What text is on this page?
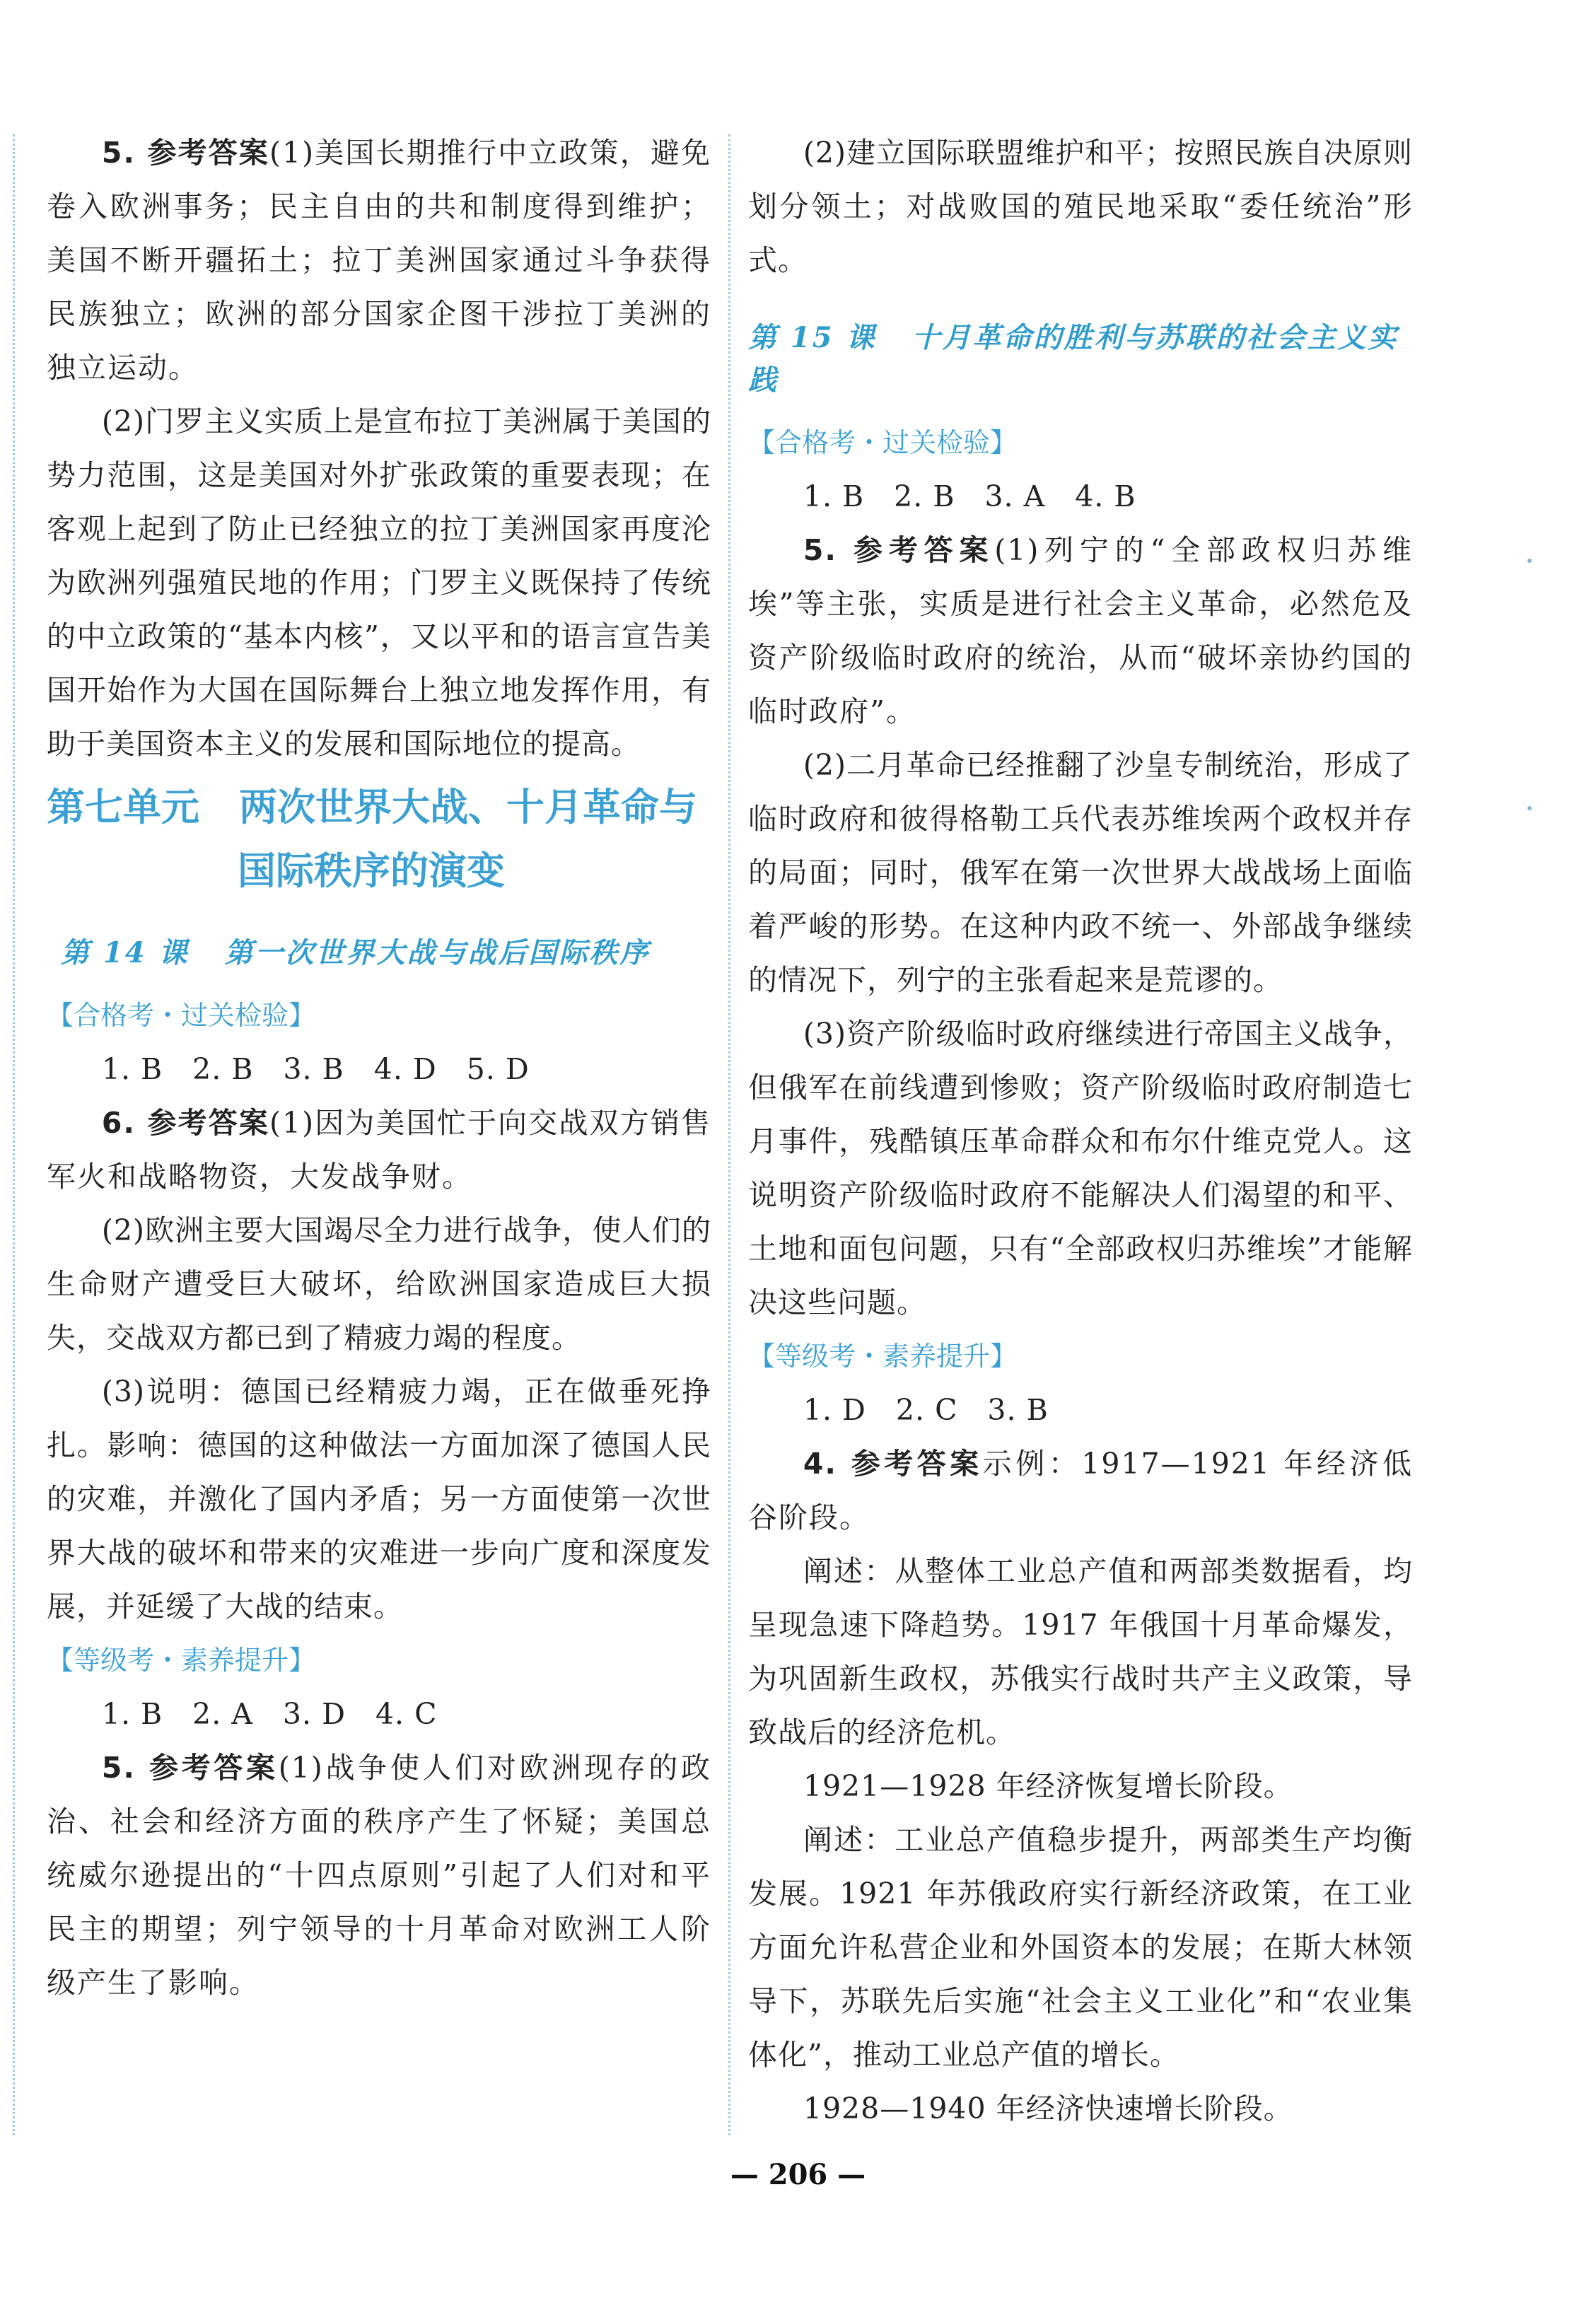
5. 参考答案(1)美国长期推行中立政策，避免卷入欧洲事务；民主自由的共和制度得到维护；美国不断开疆拓土；拉丁美洲国家通过斗争获得民族独立；欧洲的部分国家企图干涉拉丁美洲的独立运动。

(2)门罗主义实质上是宣布拉丁美洲属于美国的势力范围，这是美国对外扩张政策的重要表现；在客观上起到了防止已经独立的拉丁美洲国家再度沦为欧洲列强殖民地的作用；门罗主义既保持了传统的中立政策的“基本内核”，又以平和的语言宣告美国开始作为大国在国际舞台上独立地发挥作用，有助于美国资本主义的发展和国际地位的提高。

第七单元 两次世界大战、十月革命与
国际秩序的演变
第 14 课 第一次世界大战与战后国际秩序

【合格考・过关检验】

1. B　2. B　3. B　4. D　5. D

6. 参考答案(1)因为美国忙于向交战双方销售军火和战略物资，大发战争财。

(2)欧洲主要大国竭尽全力进行战争，使人们的生命财产遭受巨大破坏，给欧洲国家造成巨大损失，交战双方都已到了精疲力竭的程度。

(3)说明：德国已经精疲力竭，正在做垂死挣扎。影响：德国的这种做法一方面加深了德国人民的灾难，并激化了国内矛盾；另一方面使第一次世界大战的破坏和带来的灾难进一步向广度和深度发展，并延缓了大战的结束。

【等级考・素养提升】

1. B　2. A　3. D　4. C

5. 参考答案(1)战争使人们对欧洲现存的政治、社会和经济方面的秩序产生了怀疑；美国总统威尔逊提出的“十四点原则”引起了人们对和平民主的期望；列宁领导的十月革命对欧洲工人阶级产生了影响。

(2)建立国际联盟维护和平；按照民族自决原则划分领土；对战败国的殖民地采取“委任统治”形式。

第 15 课 十月革命的胜利与苏联的社会主义实践

【合格考・过关检验】

1. B　2. B　3. A　4. B

5. 参考答案(1)列宁的“全部政权归苏维埃”等主张，实质是进行社会主义革命，必然危及资产阶级临时政府的统治，从而“破坏亲协约国的临时政府”。

(2)二月革命已经推翻了沙皇专制统治，形成了临时政府和彼得格勒工兵代表苏维埃两个政权并存的局面；同时，俄军在第一次世界大战战场上面临着严峻的形势。在这种内政不统一、外部战争继续的情况下，列宁的主张看起来是荒谬的。

(3)资产阶级临时政府继续进行帝国主义战争，但俄军在前线遭到惨败；资产阶级临时政府制造七月事件，残酷镇压革命群众和布尔什维克党人。这说明资产阶级临时政府不能解决人们渴望的和平、土地和面包问题，只有“全部政权归苏维埃”才能解决这些问题。

【等级考・素养提升】

1. D　2. C　3. B

4. 参考答案示例：1917—1921 年经济低谷阶段。

阐述：从整体工业总产值和两部类数据看，均呈现急速下降趋势。1917 年俄国十月革命爆发，为巩固新生政权，苏俄实行战时共产主义政策，导致战后的经济危机。

1921—1928 年经济恢复增长阶段。

阐述：工业总产值稳步提升，两部类生产均衡发展。1921 年苏俄政府实行新经济政策，在工业方面允许私营企业和外国资本的发展；在斯大林领导下，苏联先后实施“社会主义工业化”和“农业集体化”，推动工业总产值的增长。

1928—1940 年经济快速增长阶段。

— 206 —
